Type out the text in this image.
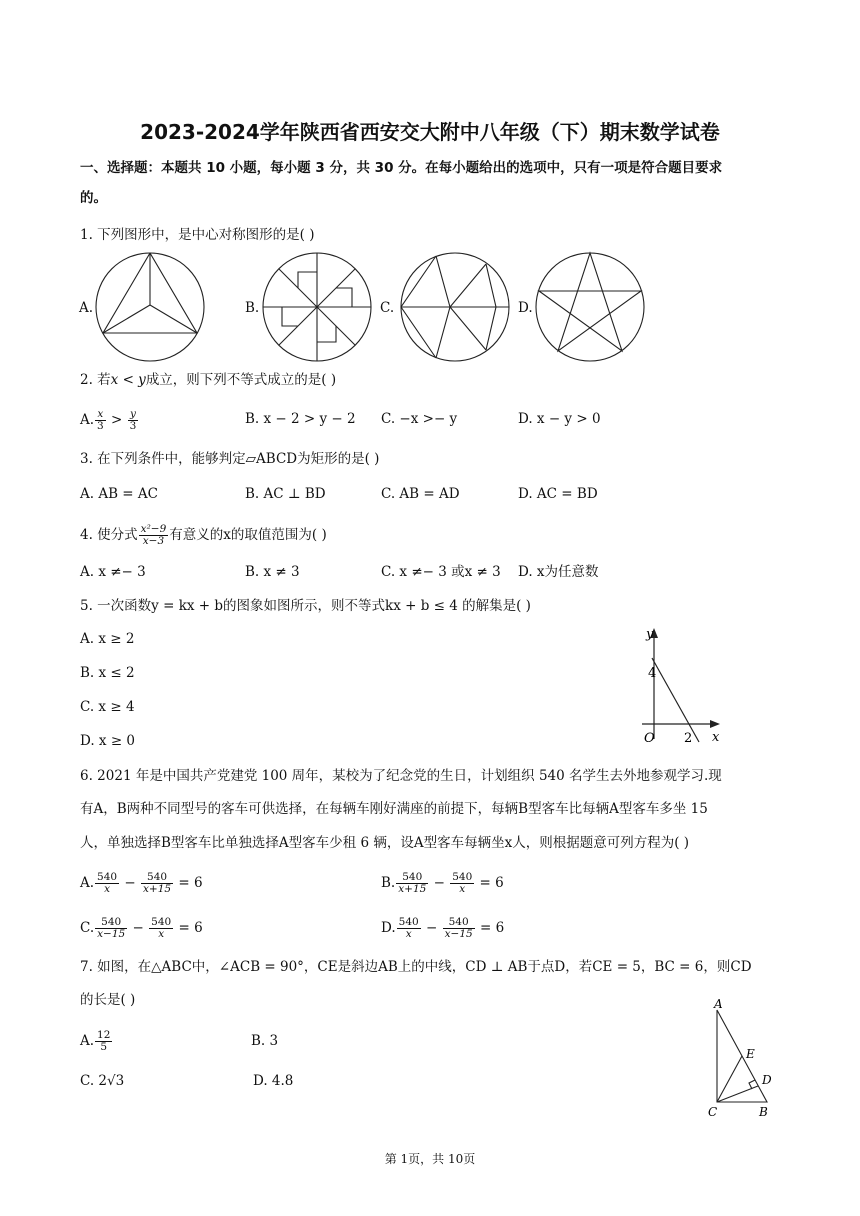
2023-2024学年陕西省西安交大附中八年级（下）期末数学试卷
一、选择题：本题共 10 小题，每小题 3 分，共 30 分。在每小题给出的选项中，只有一项是符合题目要求
的。
1. 下列图形中，是中心对称图形的是( )
A.	B.	C.	D.
2. 若x < y成立，则下列不等式成立的是( )
A. $\frac{x}{3} > \frac{y}{3}$	B. x − 2 > y − 2 C. −x >− y	D. x − y > 0
3. 在下列条件中，能够判定▱ABCD为矩形的是( )
A. AB = AC	B. AC ⊥ BD	C. AB = AD	D. AC = BD
4. 使分式 $\frac{\text{x²−9}}{x-3}$ 有意义的x的取值范围为( )
A. x ≠− 3	B. x ≠ 3	C. x ≠− 3 或x ≠ 3 D. x为任意数
5. 一次函数y = kx + b的图象如图所示，则不等式kx + b ≤ 4 的解集是( )
A. x ≥ 2
B. x ≤ 2
C. x ≥ 4
D. x ≥ 0
y
x
O
4
2
6. 2021 年是中国共产党建党 100 周年，某校为了纪念党的生日，计划组织 540 名学生去外地参观学习.现
有A，B两种不同型号的客车可供选择，在每辆车刚好满座的前提下，每辆B型客车比每辆A型客车多坐 15
人，单独选择B型客车比单独选择A型客车少租 6 辆，设A型客车每辆坐x人，则根据题意可列方程为( )
A. $\frac{540}{x} - \frac{540}{x+15} = 6$	B. $\frac{540}{x+15} - \frac{540}{x} = 6$
C. $\frac{540}{x-15} - \frac{540}{x} = 6$	D. $\frac{540}{x} - \frac{540}{x-15} = 6$
7. 如图，在△ABC中，∠ACB = 90°，CE是斜边AB上的中线，CD ⊥ AB于点D，若CE = 5，BC = 6，则CD
的长是( )
A. $\frac{12}{5}$	B. 3
C. 2√3	D. 4.8
A
E
D
C	B
第 1页，共 10页
